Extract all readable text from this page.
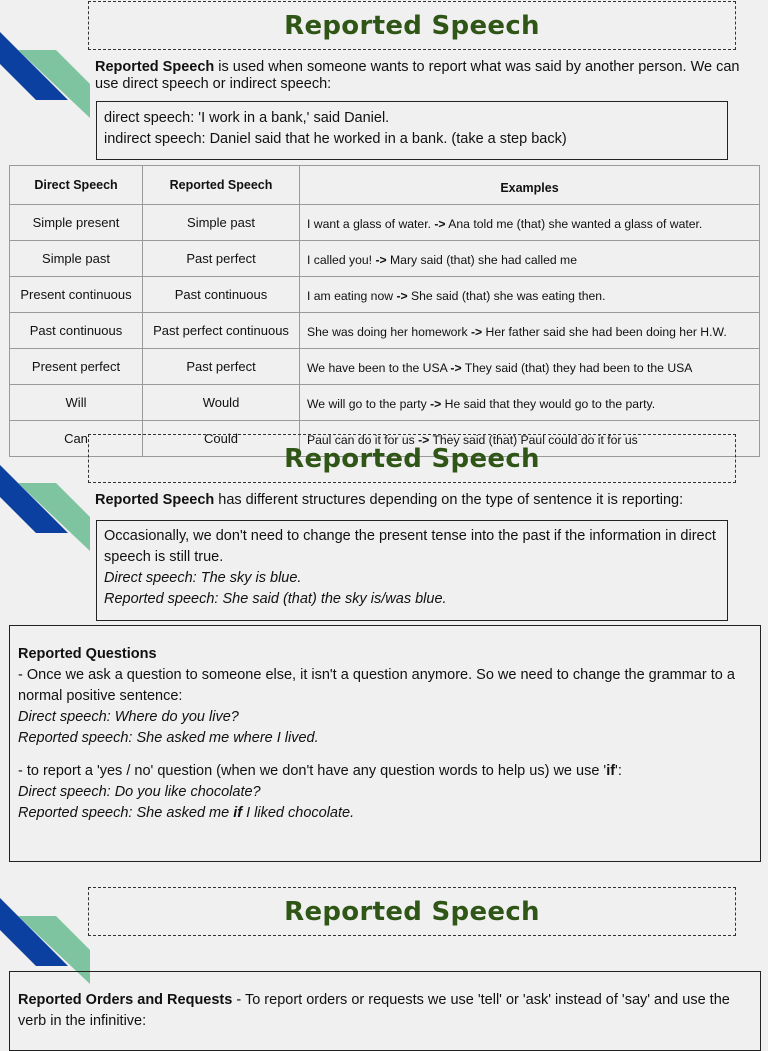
Reported Speech

Reported Speech is used when someone wants to report what was said by another person. We can use direct speech or indirect speech:

direct speech: 'I work in a bank,' said Daniel.

indirect speech: Daniel said that he worked in a bank. (take a step back)

Direct Speech	Reported Speech	Examples
Simple present	Simple past	I want a glass of water. -> Ana told me (that) she wanted a glass of water.
Simple past	Past perfect	I called you! -> Mary said (that) she had called me
Present continuous	Past continuous	I am eating now -> She said (that) she was eating then.
Past continuous	Past perfect continuous	She was doing her homework -> Her father said she had been doing her H.W.
Present perfect	Past perfect	We have been to the USA -> They said (that) they had been to the USA
Will	Would	We will go to the party -> He said that they would go to the party.
Can	Could	Paul can do it for us -> They said (that) Paul could do it for us
Reported Speech

Reported Speech has different structures depending on the type of sentence it is reporting:

Occasionally, we don't need to change the present tense into the past if the information in direct speech is still true.

Direct speech: The sky is blue.

Reported speech: She said (that) the sky is/was blue.

Reported Questions

- Once we ask a question to someone else, it isn't a question anymore. So we need to change the grammar to a normal positive sentence:

Direct speech: Where do you live?

Reported speech: She asked me where I lived.

- to report a 'yes / no' question (when we don't have any question words to help us) we use 'if':

Direct speech: Do you like chocolate?

Reported speech: She asked me if I liked chocolate.

Reported Speech

Reported Orders and Requests - To report orders or requests we use 'tell' or 'ask' instead of 'say' and use the verb in the infinitive:
